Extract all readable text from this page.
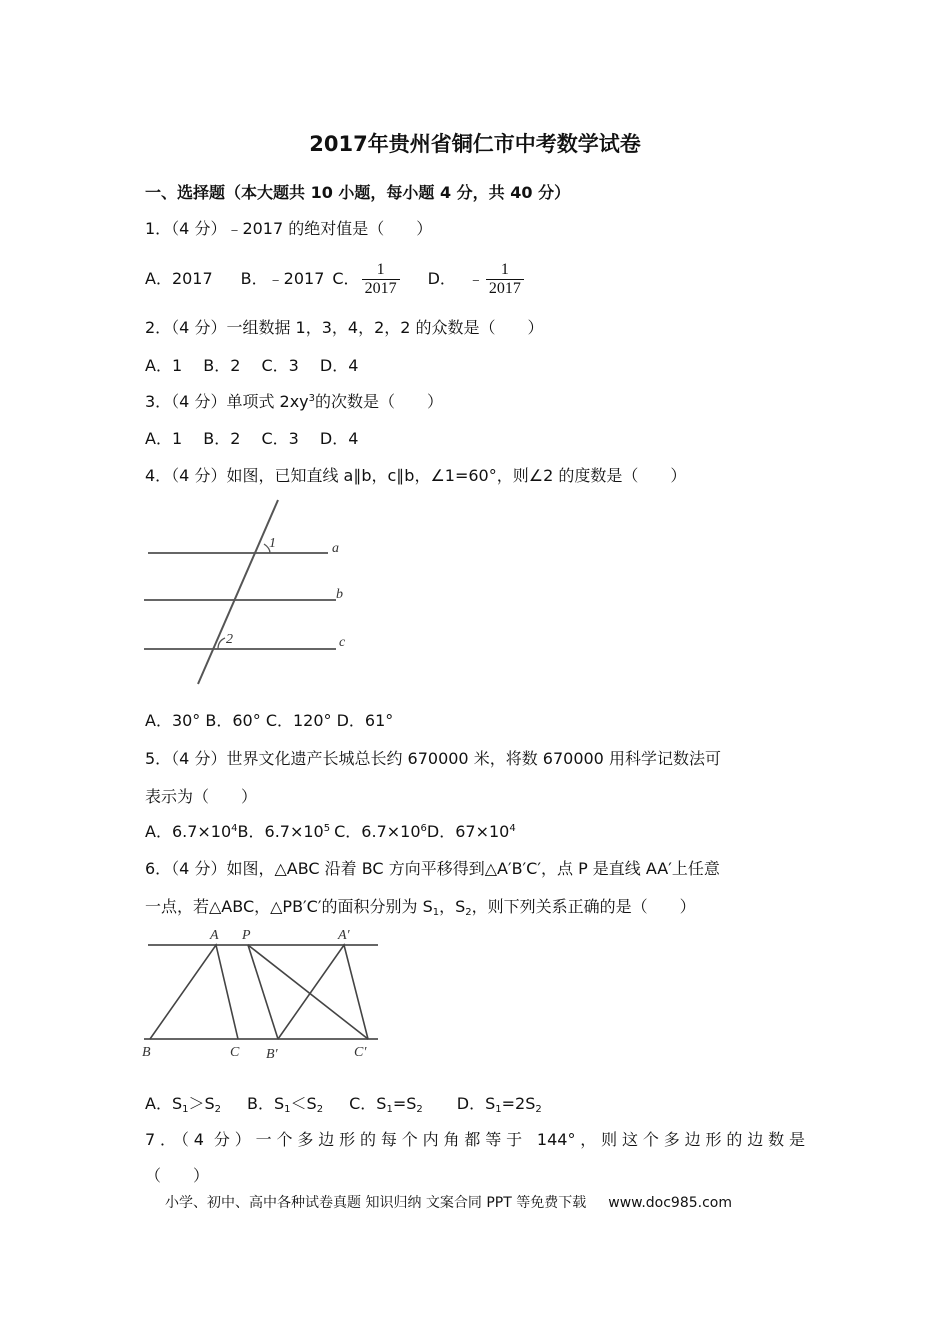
2017年贵州省铜仁市中考数学试卷
一、选择题（本大题共 10 小题，每小题 4 分，共 40 分）
1．（4 分）﹣2017 的绝对值是（　　）
A．2017 B．﹣2017 C． $\frac{1}{2017}$ D． ﹣ $\frac{1}{2017}$
2．（4 分）一组数据 1，3，4，2，2 的众数是（　　）
A．1　 B．2　 C．3　 D．4
3．（4 分）单项式 $2xy^3$的次数是（　　）
A．1　 B．2　 C．3　 D．4
4．（4 分）如图，已知直线 a∥b，c∥b，∠1=60°，则∠2 的度数是（　　）
1
2
a
b
c
A．30° B．60° C．120° D．61°
5．（4 分）世界文化遗产长城总长约 670000 米，将数 670000 用科学记数法可
表示为（　　）
A．$6.7\times 10^4B$．$6.7\times 10^5$ C．$6.7\times 10^6D$．$67\times 10^4$
6．（4 分）如图，△ABC 沿着 BC 方向平移得到△A′B′C′，点 P 是直线 AA′上任意
一点，若△ABC，△PB′C′的面积分别为 $S_1$，$S_2$，则下列关系正确的是（　　）
A P	A′
B	C B′	C′
A．$S_1>S_2$ B．$S_1<S_2$ C．$S_1=S_2$ D．$S_1=2S_2$
7．（4 分）一个多边形的每个内角都等于 144°，则这个多边形的边数是
（　　）
小学、初中、高中各种试卷真题 知识归纳 文案合同 PPT 等免费下载 www.doc985.com
